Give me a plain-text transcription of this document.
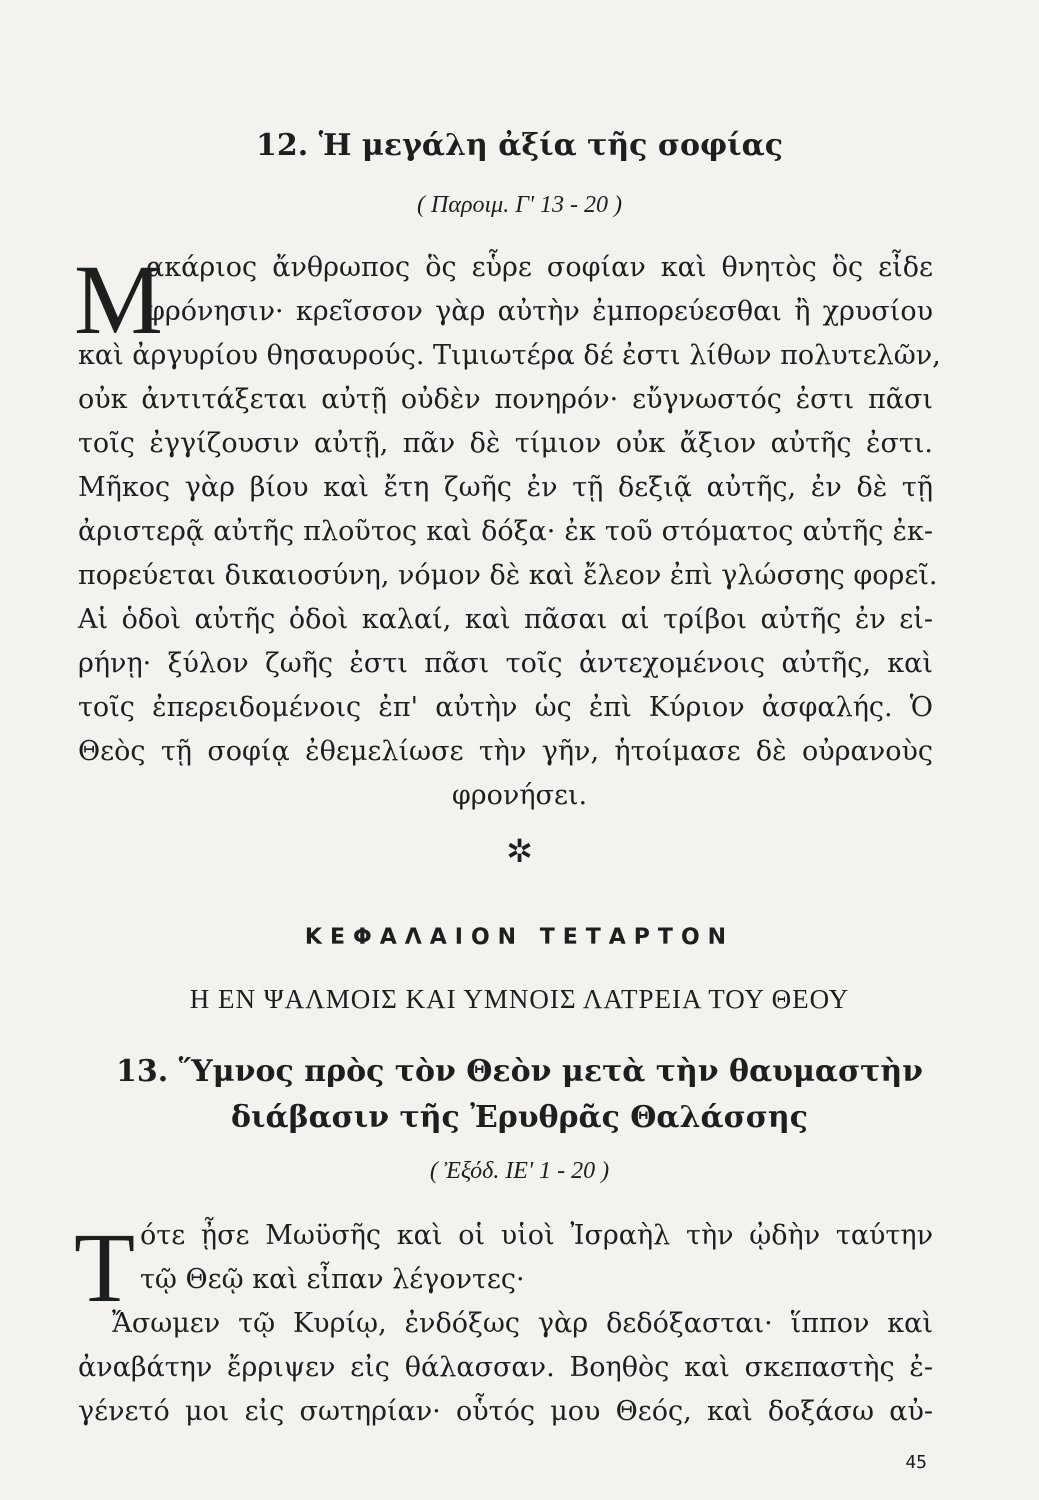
12. Ἡ μεγάλη ἀξία τῆς σοφίας
( Παροιμ. Γ' 13 - 20 )
Μ
ακάριος ἄνθρωπος ὃς εὗρε σοφίαν καὶ θνητὸς ὃς εἶδε
φρόνησιν· κρεῖσσον γὰρ αὐτὴν ἐμπορεύεσθαι ἢ χρυσίου
καὶ ἀργυρίου θησαυρούς. Τιμιωτέρα δέ ἐστι λίθων πολυτελῶν,
οὐκ ἀντιτάξεται αὐτῇ οὐδὲν πονηρόν· εὔγνωστός ἐστι πᾶσι
τοῖς ἐγγίζουσιν αὐτῇ, πᾶν δὲ τίμιον οὐκ ἄξιον αὐτῆς ἐστι.
Μῆκος γὰρ βίου καὶ ἔτη ζωῆς ἐν τῇ δεξιᾷ αὐτῆς, ἐν δὲ τῇ
ἀριστερᾷ αὐτῆς πλοῦτος καὶ δόξα· ἐκ τοῦ στόματος αὐτῆς ἐκ-
πορεύεται δικαιοσύνη, νόμον δὲ καὶ ἔλεον ἐπὶ γλώσσης φορεῖ.
Αἱ ὁδοὶ αὐτῆς ὁδοὶ καλαί, καὶ πᾶσαι αἱ τρίβοι αὐτῆς ἐν εἰ-
ρήνῃ· ξύλον ζωῆς ἐστι πᾶσι τοῖς ἀντεχομένοις αὐτῆς, καὶ
τοῖς ἐπερειδομένοις ἐπ' αὐτὴν ὡς ἐπὶ Κύριον ἀσφαλής. Ὁ
Θεὸς τῇ σοφίᾳ ἐθεμελίωσε τὴν γῆν, ἡτοίμασε δὲ οὐρανοὺς
φρονήσει.
✲
ΚΕΦΑΛΑΙΟΝ ΤΕΤΑΡΤΟΝ
Η ΕΝ ΨΑΛΜΟΙΣ ΚΑΙ ΥΜΝΟΙΣ ΛΑΤΡΕΙΑ ΤΟΥ ΘΕΟΥ
13. Ὕμνος πρὸς τὸν Θεὸν μετὰ τὴν θαυμαστὴν
διάβασιν τῆς Ἐρυθρᾶς Θαλάσσης
( Ἐξόδ. ΙΕ' 1 - 20 )
Τ ότε ᾖσε Μωϋσῆς καὶ οἱ υἱοὶ Ἰσραὴλ τὴν ᾠδὴν ταύτην
τῷ Θεῷ καὶ εἶπαν λέγοντες·
Ἄσωμεν τῷ Κυρίῳ, ἐνδόξως γὰρ δεδόξασται· ἵππον καὶ
ἀναβάτην ἔρριψεν εἰς θάλασσαν. Βοηθὸς καὶ σκεπαστὴς ἐ-
γένετό μοι εἰς σωτηρίαν· οὗτός μου Θεός, καὶ δοξάσω αὐ-
45
